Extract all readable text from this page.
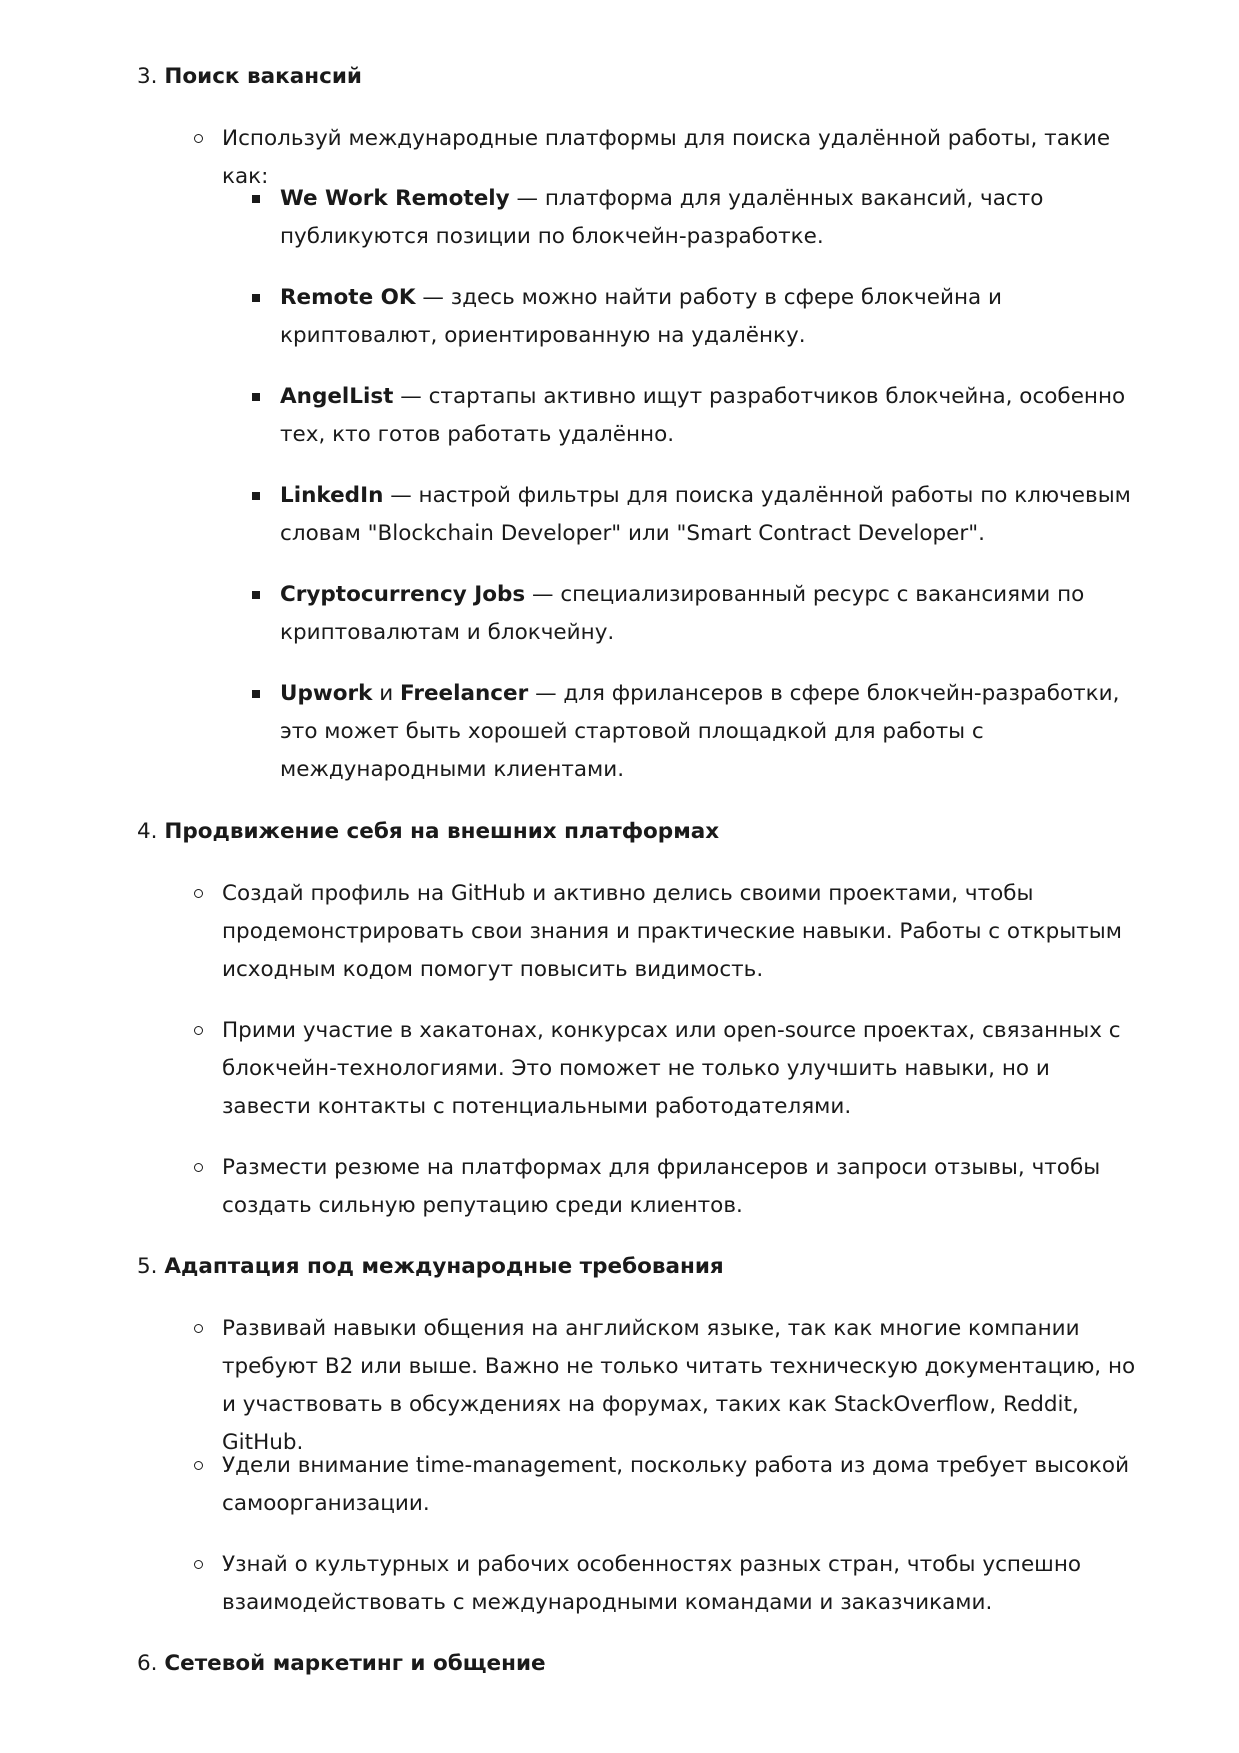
3. Поиск вакансий
Используй международные платформы для поиска удалённой работы, такие как:
We Work Remotely — платформа для удалённых вакансий, часто публикуются позиции по блокчейн-разработке.
Remote OK — здесь можно найти работу в сфере блокчейна и криптовалют, ориентированную на удалёнку.
AngelList — стартапы активно ищут разработчиков блокчейна, особенно тех, кто готов работать удалённо.
LinkedIn — настрой фильтры для поиска удалённой работы по ключевым словам "Blockchain Developer" или "Smart Contract Developer".
Cryptocurrency Jobs — специализированный ресурс с вакансиями по криптовалютам и блокчейну.
Upwork и Freelancer — для фрилансеров в сфере блокчейн-разработки, это может быть хорошей стартовой площадкой для работы с международными клиентами.
4. Продвижение себя на внешних платформах
Создай профиль на GitHub и активно делись своими проектами, чтобы продемонстрировать свои знания и практические навыки. Работы с открытым исходным кодом помогут повысить видимость.
Прими участие в хакатонах, конкурсах или open-source проектах, связанных с блокчейн-технологиями. Это поможет не только улучшить навыки, но и завести контакты с потенциальными работодателями.
Размести резюме на платформах для фрилансеров и запроси отзывы, чтобы создать сильную репутацию среди клиентов.
5. Адаптация под международные требования
Развивай навыки общения на английском языке, так как многие компании требуют B2 или выше. Важно не только читать техническую документацию, но и участвовать в обсуждениях на форумах, таких как StackOverflow, Reddit, GitHub.
Удели внимание time-management, поскольку работа из дома требует высокой самоорганизации.
Узнай о культурных и рабочих особенностях разных стран, чтобы успешно взаимодействовать с международными командами и заказчиками.
6. Сетевой маркетинг и общение
